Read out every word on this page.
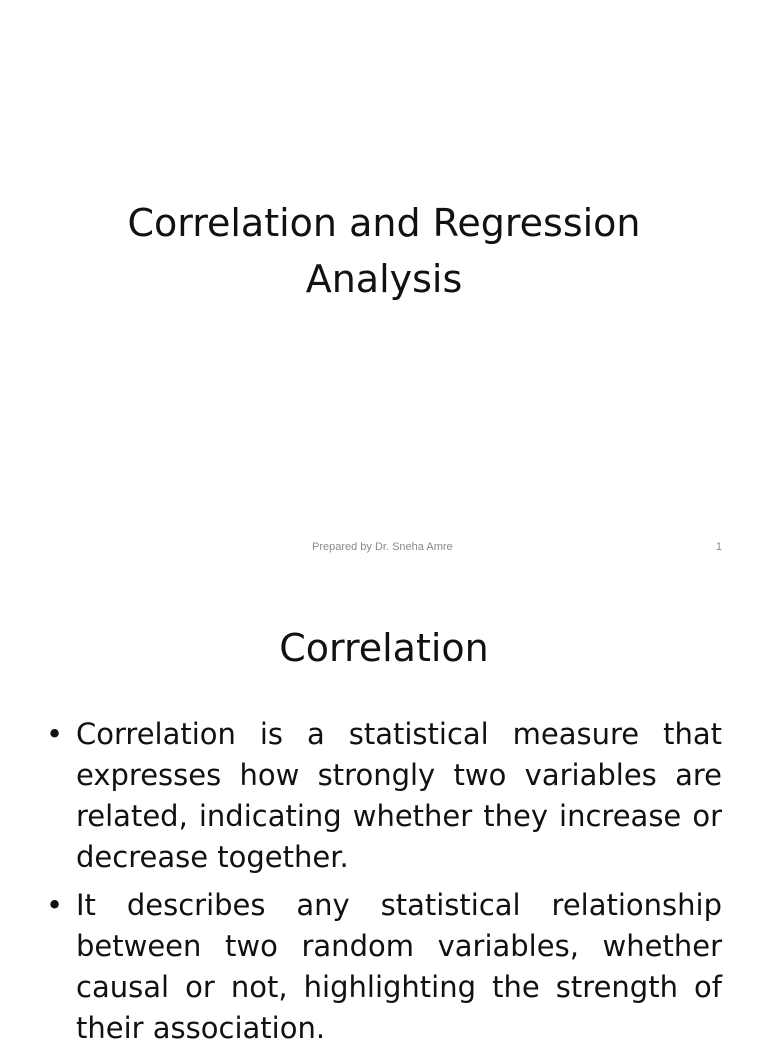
Correlation and Regression
Analysis
Prepared by Dr. Sneha Amre	1
Correlation
• Correlation is a statistical measure that expresses how strongly two variables are related, indicating whether they increase or decrease together.
• It describes any statistical relationship between two random variables, whether causal or not, highlighting the strength of their association.
